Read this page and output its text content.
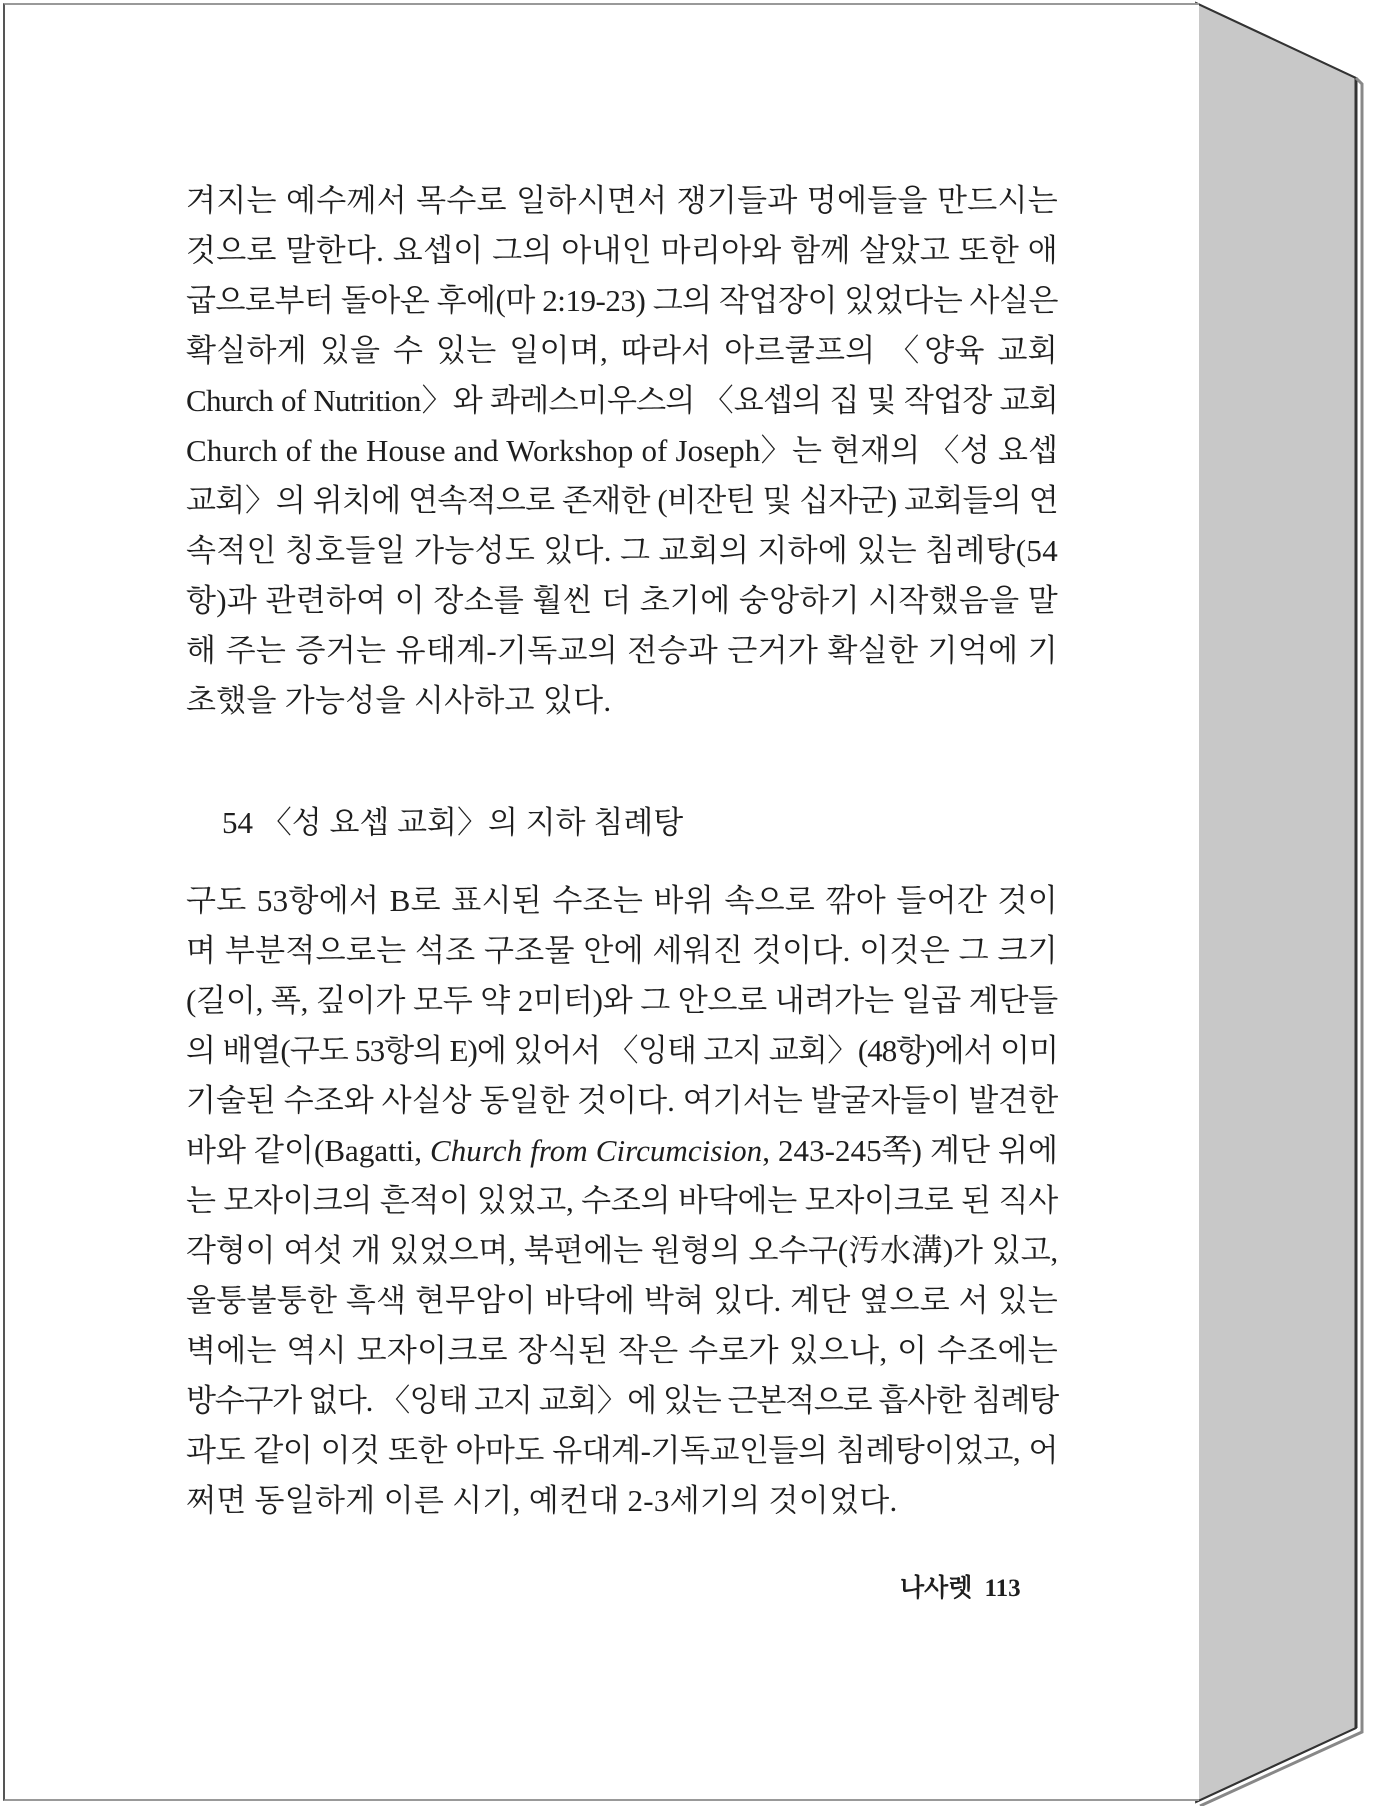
겨지는 예수께서 목수로 일하시면서 쟁기들과 멍에들을 만드시는
것으로 말한다. 요셉이 그의 아내인 마리아와 함께 살았고 또한 애
굽으로부터 돌아온 후에(마 2:19-23) 그의 작업장이 있었다는 사실은
확실하게 있을 수 있는 일이며, 따라서 아르쿨프의 〈양육 교회
Church of Nutrition〉와 콰레스미우스의 〈요셉의 집 및 작업장 교회
Church of the House and Workshop of Joseph〉는 현재의 〈성 요셉
교회〉의 위치에 연속적으로 존재한 (비잔틴 및 십자군) 교회들의 연
속적인 칭호들일 가능성도 있다. 그 교회의 지하에 있는 침례탕(54
항)과 관련하여 이 장소를 훨씬 더 초기에 숭앙하기 시작했음을 말
해 주는 증거는 유태계-기독교의 전승과 근거가 확실한 기억에 기
초했을 가능성을 시사하고 있다.
54 〈성 요셉 교회〉의 지하 침례탕
구도 53항에서 B로 표시된 수조는 바위 속으로 깎아 들어간 것이
며 부분적으로는 석조 구조물 안에 세워진 것이다. 이것은 그 크기
(길이, 폭, 깊이가 모두 약 2미터)와 그 안으로 내려가는 일곱 계단들
의 배열(구도 53항의 E)에 있어서 〈잉태 고지 교회〉(48항)에서 이미
기술된 수조와 사실상 동일한 것이다. 여기서는 발굴자들이 발견한
바와 같이(Bagatti, Church from Circumcision, 243-245쪽) 계단 위에
는 모자이크의 흔적이 있었고, 수조의 바닥에는 모자이크로 된 직사
각형이 여섯 개 있었으며, 북편에는 원형의 오수구(汚水溝)가 있고,
울퉁불퉁한 흑색 현무암이 바닥에 박혀 있다. 계단 옆으로 서 있는
벽에는 역시 모자이크로 장식된 작은 수로가 있으나, 이 수조에는
방수구가 없다. 〈잉태 고지 교회〉에 있는 근본적으로 흡사한 침례탕
과도 같이 이것 또한 아마도 유대계-기독교인들의 침례탕이었고, 어
쩌면 동일하게 이른 시기, 예컨대 2-3세기의 것이었다.
나사렛 113
